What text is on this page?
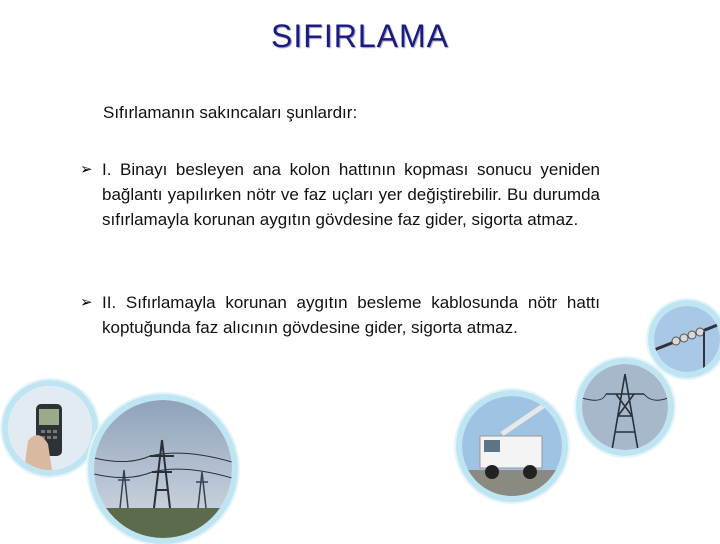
SIFIRLAMA
Sıfırlamanın sakıncaları şunlardır:
➢ I. Binayı besleyen ana kolon hattının kopması sonucu yeniden bağlantı yapılırken nötr ve faz uçları yer değiştirebilir. Bu durumda sıfırlamayla korunan aygıtın gövdesine faz gider, sigorta atmaz.
➢ II. Sıfırlamayla korunan aygıtın besleme kablosunda nötr hattı koptuğunda faz alıcının gövdesine gider, sigorta atmaz.
